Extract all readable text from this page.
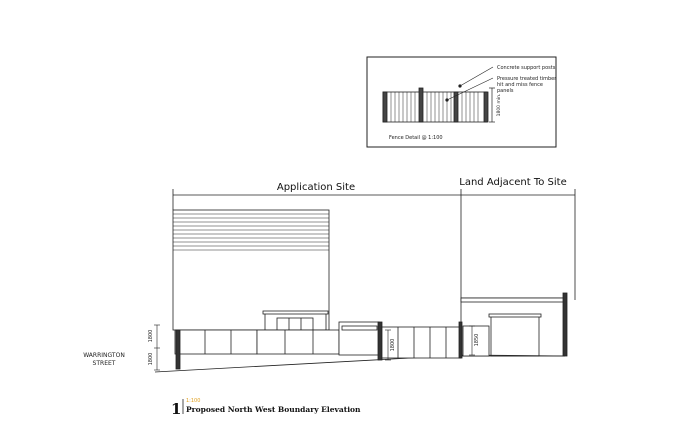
1800 min.
Concrete support posts
Pressure treated timber
hit and miss fence
panels
Fence Detail @ 1:100
Application Site	Land Adjacent To Site
1800
1800
1800	1850
WARRINGTON
STREET
1 1:100
Proposed North West Boundary Elevation
